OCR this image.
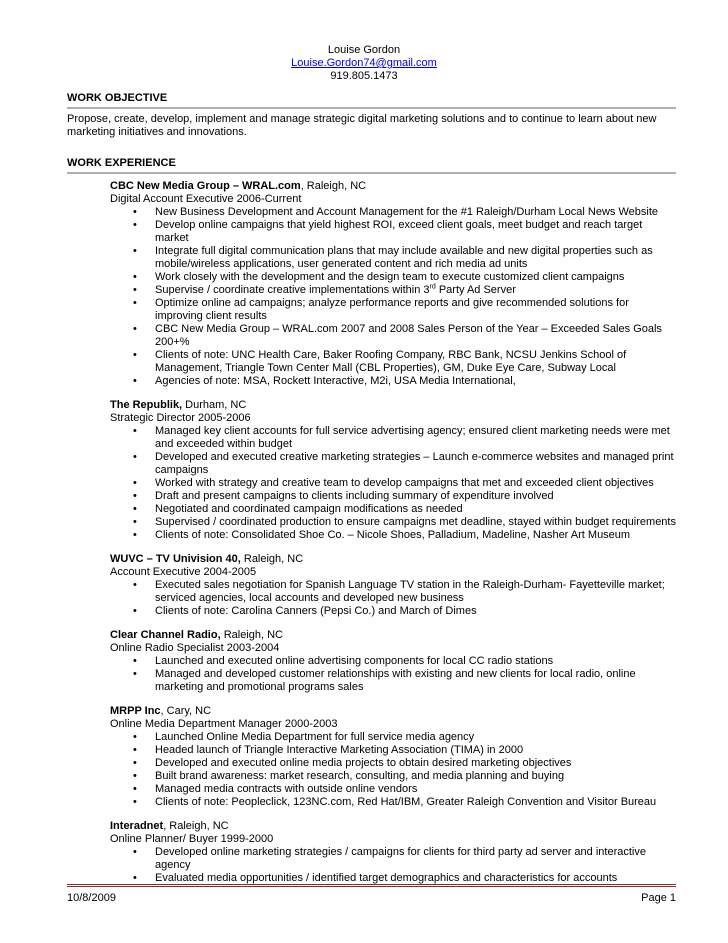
Louise Gordon
Louise.Gordon74@gmail.com
919.805.1473
WORK OBJECTIVE
Propose, create, develop, implement and manage strategic digital marketing solutions and to continue to learn about new marketing initiatives and innovations.
WORK EXPERIENCE
CBC New Media Group – WRAL.com, Raleigh, NC
Digital Account Executive 2006-Current
• New Business Development and Account Management for the #1 Raleigh/Durham Local News Website
• Develop online campaigns that yield highest ROI, exceed client goals, meet budget and reach target market
• Integrate full digital communication plans that may include available and new digital properties such as mobile/wireless applications, user generated content and rich media ad units
• Work closely with the development and the design team to execute customized client campaigns
• Supervise / coordinate creative implementations within 3rd Party Ad Server
• Optimize online ad campaigns; analyze performance reports and give recommended solutions for improving client results
• CBC New Media Group – WRAL.com 2007 and 2008 Sales Person of the Year – Exceeded Sales Goals 200+%
• Clients of note: UNC Health Care, Baker Roofing Company, RBC Bank, NCSU Jenkins School of Management, Triangle Town Center Mall (CBL Properties), GM, Duke Eye Care, Subway Local
• Agencies of note: MSA, Rockett Interactive, M2i, USA Media International,
The Republik, Durham, NC
Strategic Director 2005-2006
• Managed key client accounts for full service advertising agency; ensured client marketing needs were met and exceeded within budget
• Developed and executed creative marketing strategies – Launch e-commerce websites and managed print campaigns
• Worked with strategy and creative team to develop campaigns that met and exceeded client objectives
• Draft and present campaigns to clients including summary of expenditure involved
• Negotiated and coordinated campaign modifications as needed
• Supervised / coordinated production to ensure campaigns met deadline, stayed within budget requirements
• Clients of note: Consolidated Shoe Co. – Nicole Shoes, Palladium, Madeline, Nasher Art Museum
WUVC – TV Univision 40, Raleigh, NC
Account Executive 2004-2005
• Executed sales negotiation for Spanish Language TV station in the Raleigh-Durham- Fayetteville market; serviced agencies, local accounts and developed new business
• Clients of note: Carolina Canners (Pepsi Co.) and March of Dimes
Clear Channel Radio, Raleigh, NC
Online Radio Specialist 2003-2004
• Launched and executed online advertising components for local CC radio stations
• Managed and developed customer relationships with existing and new clients for local radio, online marketing and promotional programs sales
MRPP Inc, Cary, NC
Online Media Department Manager 2000-2003
• Launched Online Media Department for full service media agency
• Headed launch of Triangle Interactive Marketing Association (TIMA) in 2000
• Developed and executed online media projects to obtain desired marketing objectives
• Built brand awareness: market research, consulting, and media planning and buying
• Managed media contracts with outside online vendors
• Clients of note: Peopleclick, 123NC.com, Red Hat/IBM, Greater Raleigh Convention and Visitor Bureau
Interadnet, Raleigh, NC
Online Planner/ Buyer 1999-2000
• Developed online marketing strategies / campaigns for clients for third party ad server and interactive agency
• Evaluated media opportunities / identified target demographics and characteristics for accounts
10/8/2009	Page 1
